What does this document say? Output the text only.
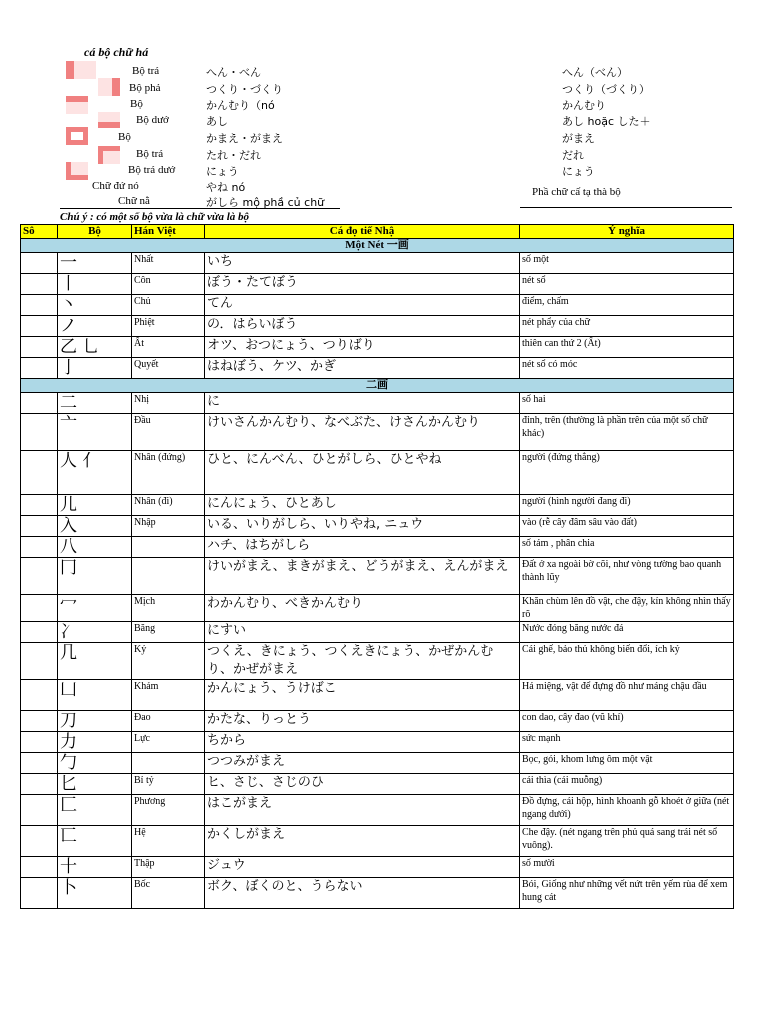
cá bộ chữ há
Bộ trá	へん・べん	へん（べん）
Bộ phả	つくり・づくり	つくり（づくり）
Bộ	かんむり（nó	かんむり
Bộ dướ	あし	あし hoặc した＋
Bộ	かまえ・がまえ	がまえ
Bộ trá	たれ・だれ	だれ
Bộ trá dướ	にょう	にょう
Chữ đứ nó	やね nó
Chữ nằ	がしら mộ phầ củ chữ
Phầ chữ cấ tạ thà bộ
Chú ý : có một số bộ vừa là chữ vừa là bộ
Sô	Bộ	Hán Việt	Cá đọ tiế Nhậ	Ý nghĩa
Một Nét 一画				
	一	Nhất	いち	số một
	丨	Côn	ぼう・たてぼう	nét sổ
	丶	Chủ	てん	điểm, chấm
	ノ	Phiệt	の．はらいぼう	nét phẩy của chữ
	乙 乚	Ất	オツ、おつにょう、つりばり	thiên can thứ 2 (Ất)
	亅	Quyết	はねぼう、ケツ、かぎ	nét sổ có móc
二画				
	二	Nhị	に	số hai
	亠	Đầu	けいさんかんむり、なべぶた、けさんかんむり	đỉnh, trên (thường là phần trên của một số chữ khác)
	人 亻	Nhân (đứng)	ひと、にんべん、ひとがしら、ひとやね	người (đứng thẳng)
	儿	Nhân (đi)	にんにょう、ひとあし	người (hình người đang đi)
	入	Nhập	いる、いりがしら、いりやね, ニュウ	vào (rễ cây đâm sâu vào đất)
	八		ハチ、はちがしら	số tám , phân chia
	冂		けいがまえ、まきがまえ、どうがまえ、えんがまえ	Đất ở xa ngoài bờ cõi, như vòng tường bao quanh thành lũy
	冖	Mịch	わかんむり、べきかんむり	Khăn chùm lên đồ vật, che đậy, kín không nhìn thấy rõ
	冫	Băng	にすい	Nước đóng băng nước đá
	几	Kỷ	つくえ、きにょう、つくえきにょう、かぜかんむり、かぜがまえ	Cái ghế, bảo thủ không biến đổi, ích kỷ
	凵	Khảm	かんにょう、うけばこ	Há miệng, vật để đựng đồ như máng chậu đầu
	刀	Đao	かたな、りっとう	con dao, cây đao (vũ khí)
	力	Lực	ちから	sức mạnh
	勹		つつみがまえ	Bọc, gói, khom lưng ôm một vật
	匕	Bỉ tỷ	ヒ、さじ、さじのひ	cái thìa (cái muỗng)
	匚	Phương	はこがまえ	Đồ đựng, cái hộp, hình khoanh gỗ khoét ở giữa (nét ngang dưới)
	匸	Hệ	かくしがまえ	Che đậy. (nét ngang trên phủ quá sang trái nét sổ vuông).
	十	Thập	ジュウ	số mười
	卜	Bốc	ボク、ぼくのと、うらない	Bói, Giống như những vết nứt trên yếm rùa để xem hung cát
